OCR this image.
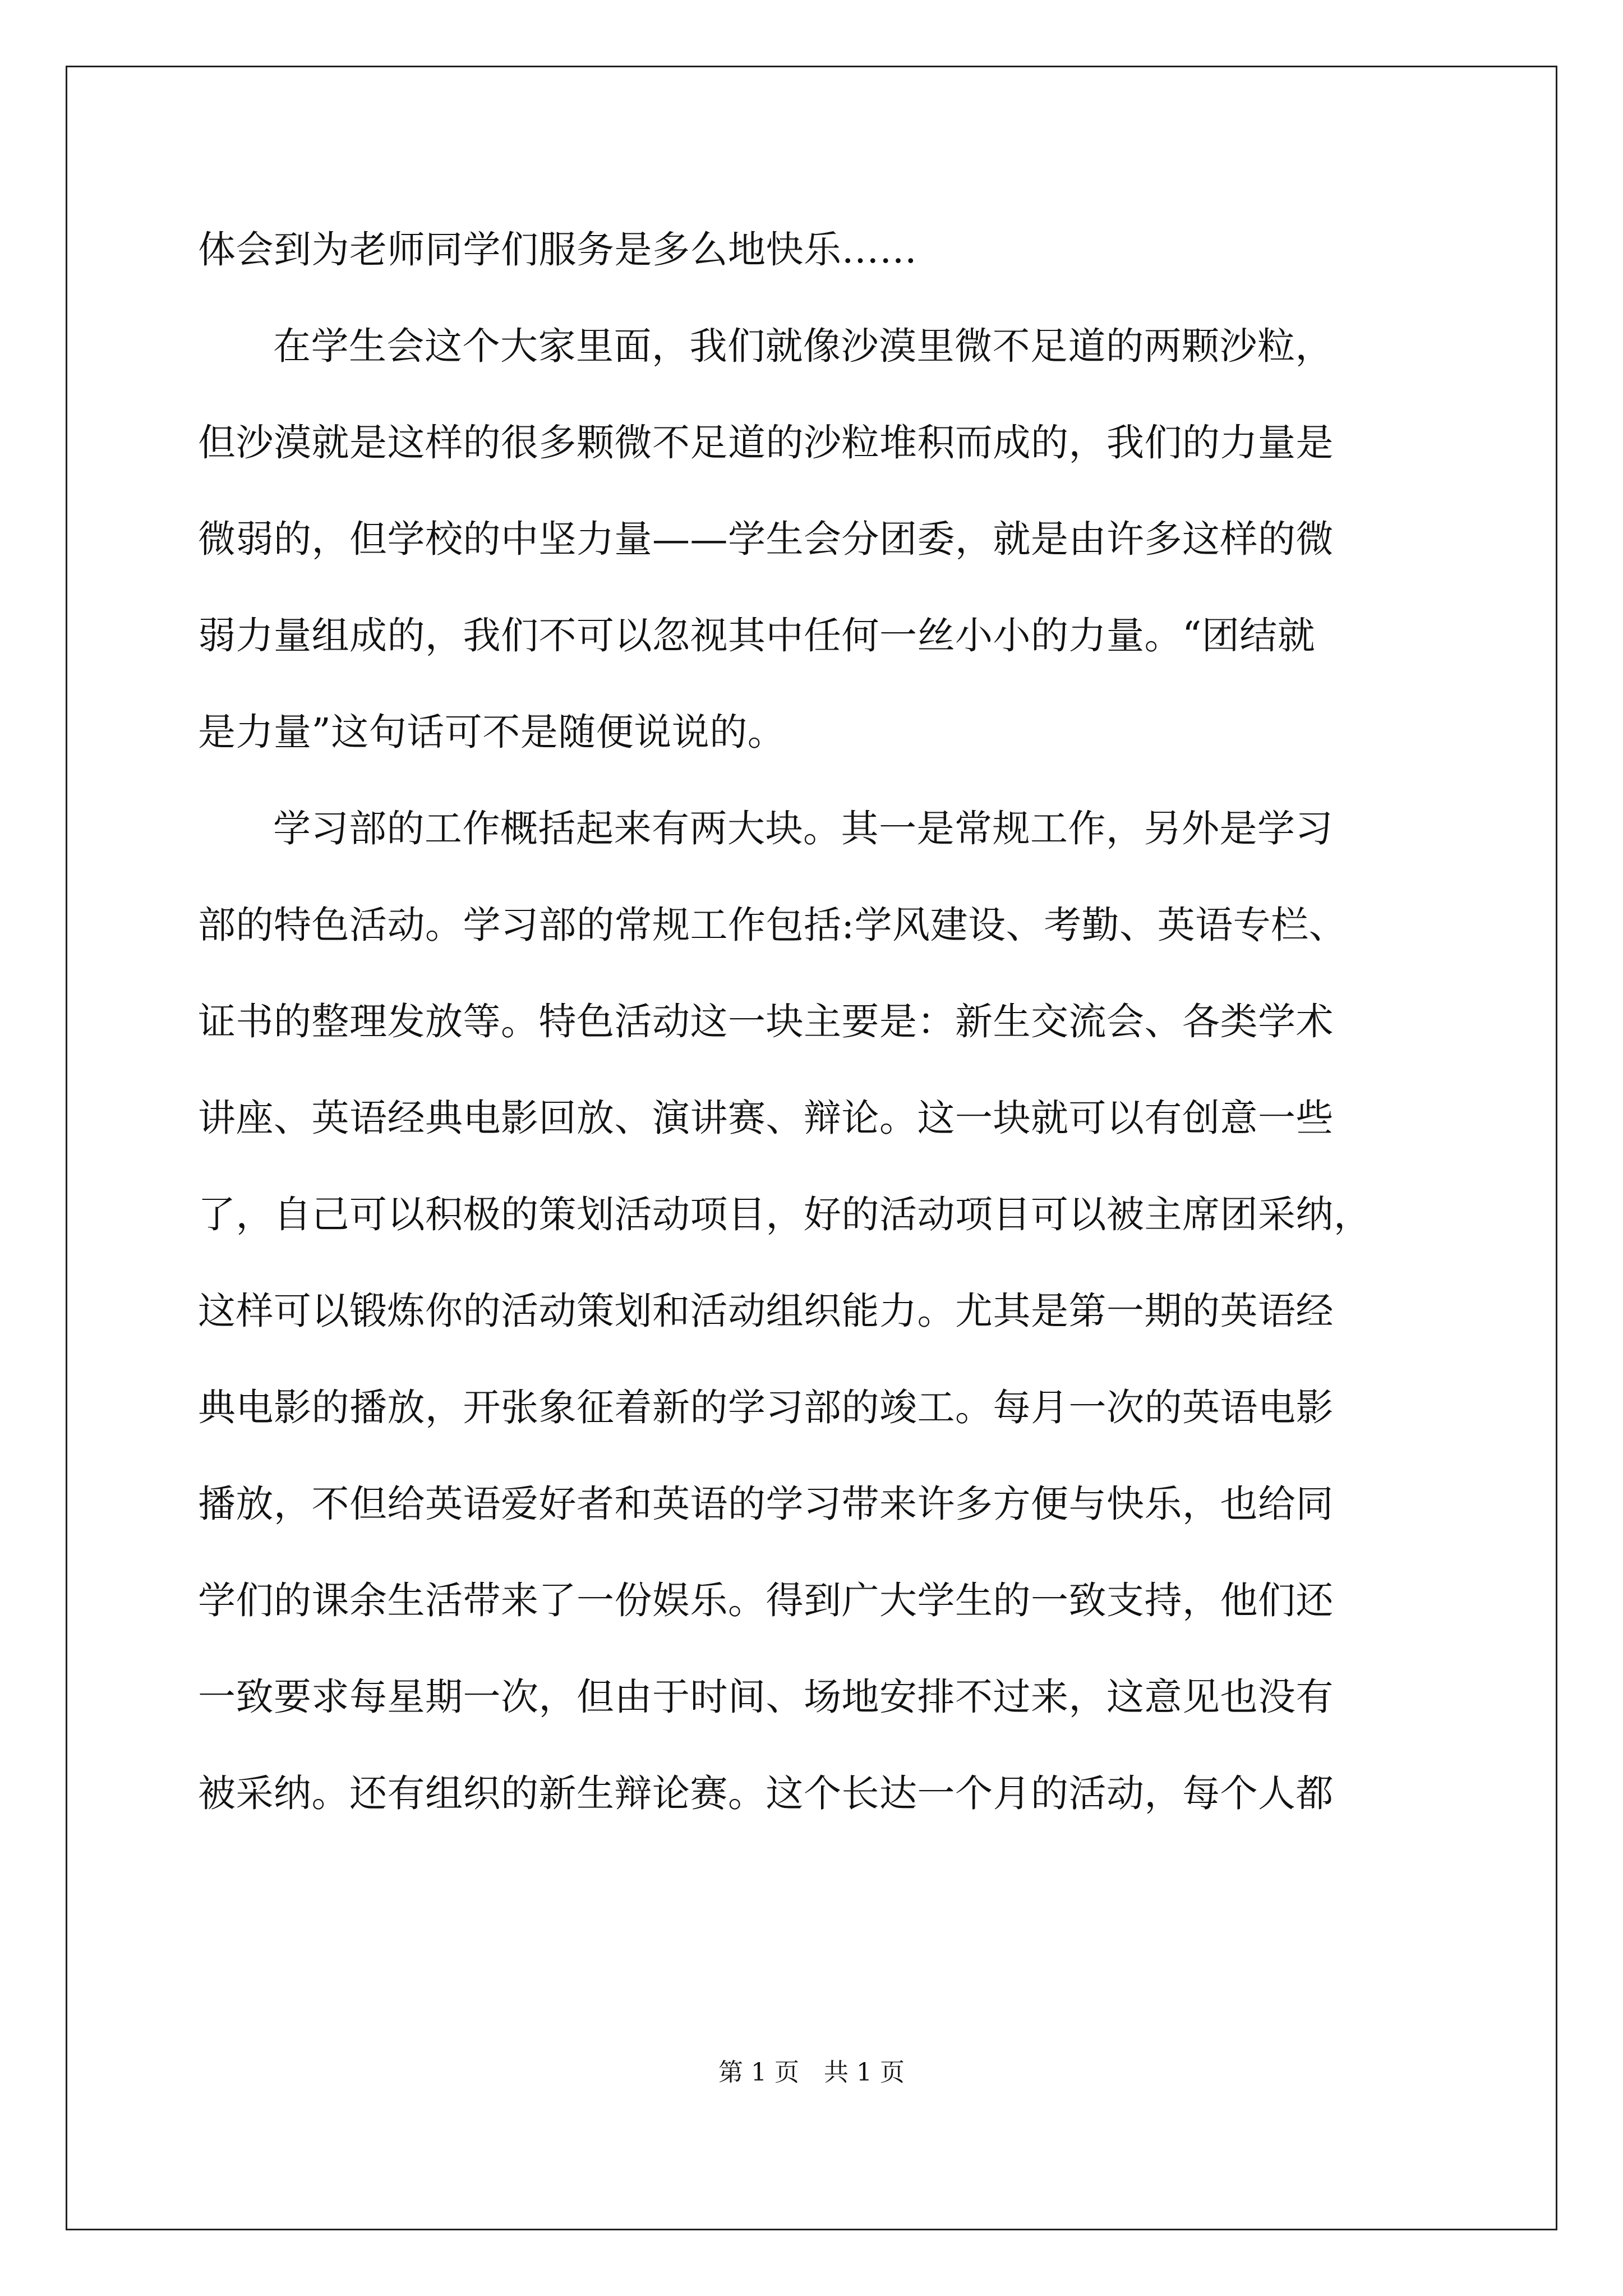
体会到为老师同学们服务是多么地快乐……
在学生会这个大家里面，我们就像沙漠里微不足道的两颗沙粒，
但沙漠就是这样的很多颗微不足道的沙粒堆积而成的，我们的力量是
微弱的，但学校的中坚力量——学生会分团委，就是由许多这样的微
弱力量组成的，我们不可以忽视其中任何一丝小小的力量。“团结就
是力量”这句话可不是随便说说的。
学习部的工作概括起来有两大块。其一是常规工作，另外是学习
部的特色活动。学习部的常规工作包括:学风建设、考勤、英语专栏、
证书的整理发放等。特色活动这一块主要是：新生交流会、各类学术
讲座、英语经典电影回放、演讲赛、辩论。这一块就可以有创意一些
了，自己可以积极的策划活动项目，好的活动项目可以被主席团采纳，
这样可以锻炼你的活动策划和活动组织能力。尤其是第一期的英语经
典电影的播放，开张象征着新的学习部的竣工。每月一次的英语电影
播放，不但给英语爱好者和英语的学习带来许多方便与快乐，也给同
学们的课余生活带来了一份娱乐。得到广大学生的一致支持，他们还
一致要求每星期一次，但由于时间、场地安排不过来，这意见也没有
被采纳。还有组织的新生辩论赛。这个长达一个月的活动，每个人都
第 1 页　共 1 页
